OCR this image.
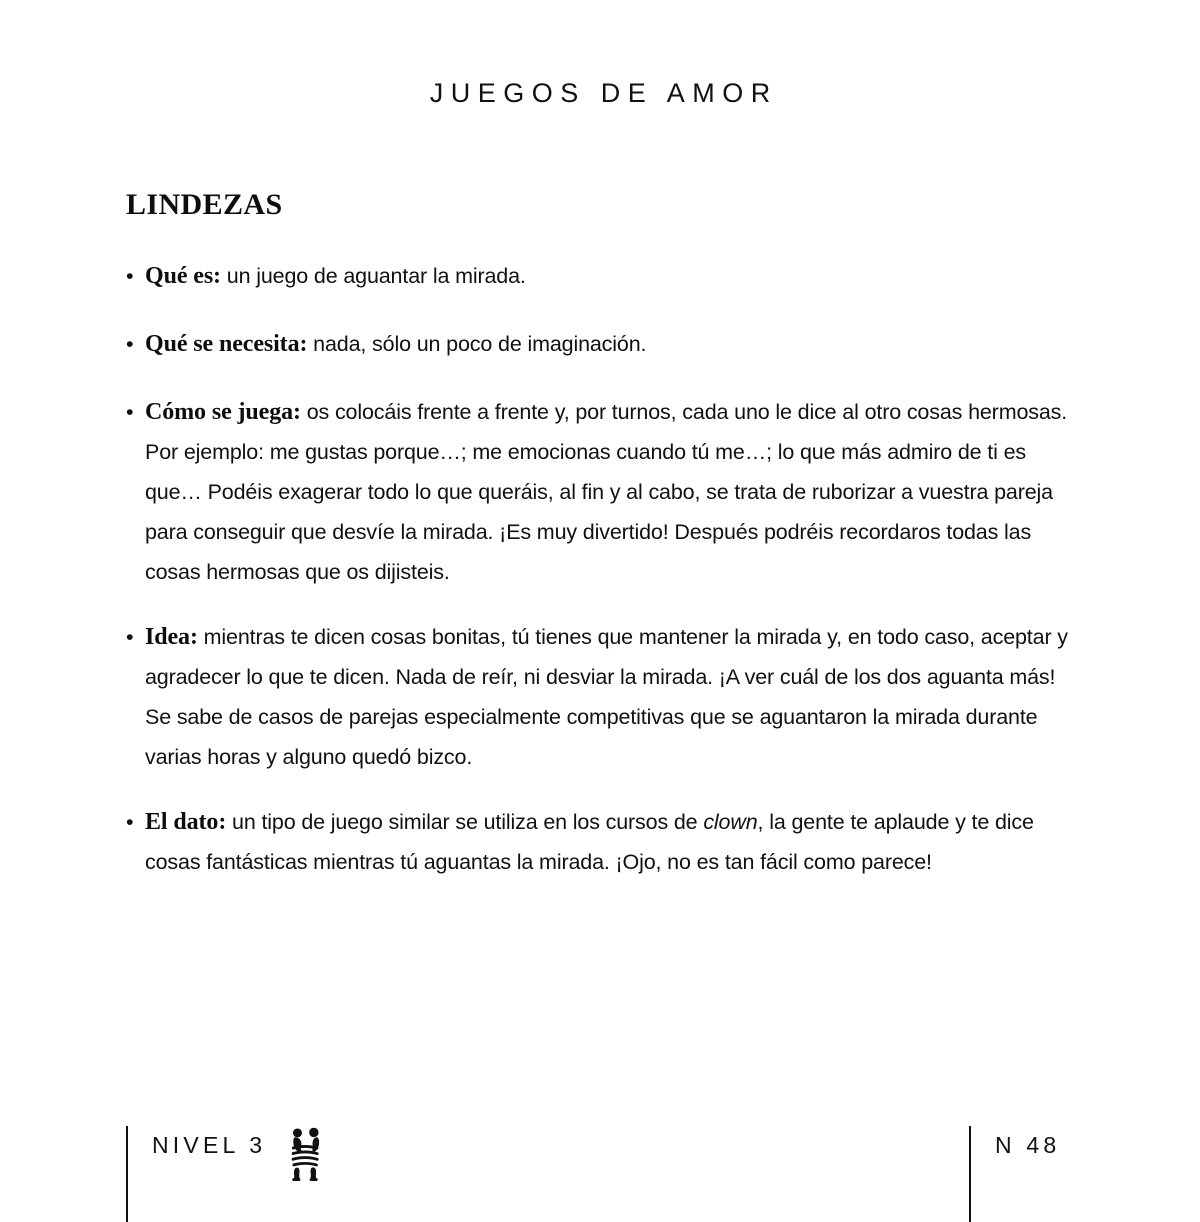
JUEGOS DE AMOR
LINDEZAS

• Qué es: un juego de aguantar la mirada.

• Qué se necesita: nada, sólo un poco de imaginación.

• Cómo se juega: os colocáis frente a frente y, por turnos, cada uno le dice al otro cosas hermosas. Por ejemplo: me gustas porque…; me emocionas cuando tú me…; lo que más admiro de ti es que… Podéis exagerar todo lo que queráis, al fin y al cabo, se trata de ruborizar a vuestra pareja para conseguir que desvíe la mirada. ¡Es muy divertido! Después podréis recordaros todas las cosas hermosas que os dijisteis.

• Idea: mientras te dicen cosas bonitas, tú tienes que mantener la mirada y, en todo caso, aceptar y agradecer lo que te dicen. Nada de reír, ni desviar la mirada. ¡A ver cuál de los dos aguanta más! Se sabe de casos de parejas especialmente competitivas que se aguantaron la mirada durante varias horas y alguno quedó bizco.

• El dato: un tipo de juego similar se utiliza en los cursos de clown, la gente te aplaude y te dice cosas fantásticas mientras tú aguantas la mirada. ¡Ojo, no es tan fácil como parece!

NIVEL 3	N 48
